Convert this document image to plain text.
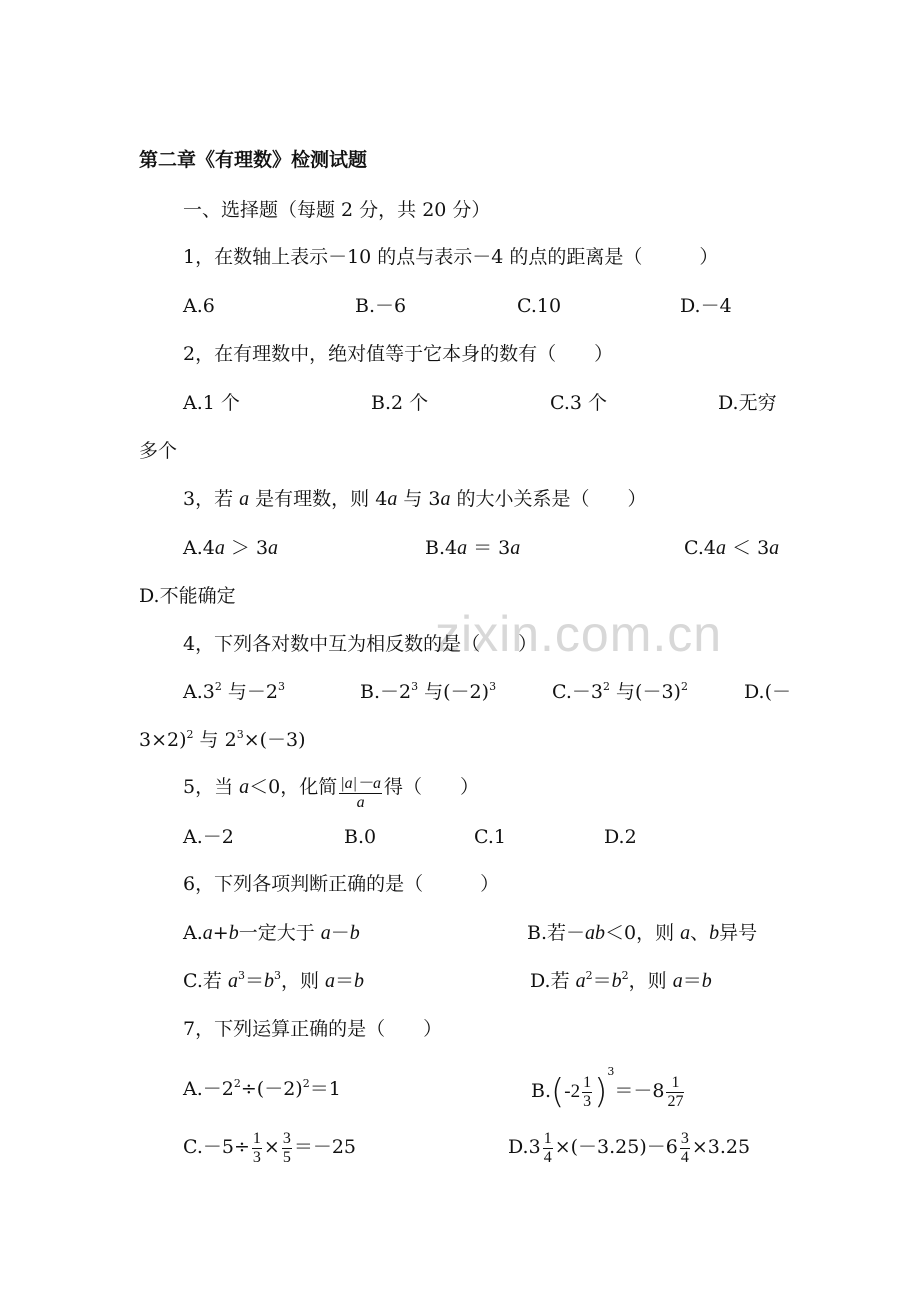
zixin.com.cn
第二章《有理数》检测试题
一、选择题（每题 2 分，共 20 分）
1，在数轴上表示－10 的点与表示－4 的点的距离是（　　　）
A.6	B.－6	C.10	D.－4
2，在有理数中，绝对值等于它本身的数有（　　）
A.1 个	B.2 个	C.3 个	D.无穷
多个
3，若 a 是有理数，则 4a 与 3a 的大小关系是（　　）
A.4a ＞ 3a	B.4a ＝ 3a	C.4a ＜ 3a
D.不能确定
4，下列各对数中互为相反数的是（　　）
$A.3^2$ 与$-2^3$	$B.-2^3$ 与$(-2)^3$	$C.-3^2$ 与$(-3)^2$	D.(－
3×2)$^2$ 与 $2^3\times(-3)$
5，当 a＜0，化简 $\frac{|a|-a}{a}$ 得（　　）
A.－2	B.0	C.1	D.2
6，下列各项判断正确的是（　　　）
A.a+b一定大于 a－b	B.若－ab＜0，则 a、b异号
C.若 $a^3=b^3$，则 a＝b	D.若 $a^2=b^2$，则 a＝b
7，下列运算正确的是（　　）
$A.-2^2\div(-2)^2=1$	$B.(-2 \frac{1}{3} )^3=-8 \frac{1}{27}$
$C.-5\div \frac{1}{3} \times \frac{3}{5} =-25$	$D.3 \frac{1}{4} \times(-3.25)-6 \frac{3}{4} \times 3.25$
